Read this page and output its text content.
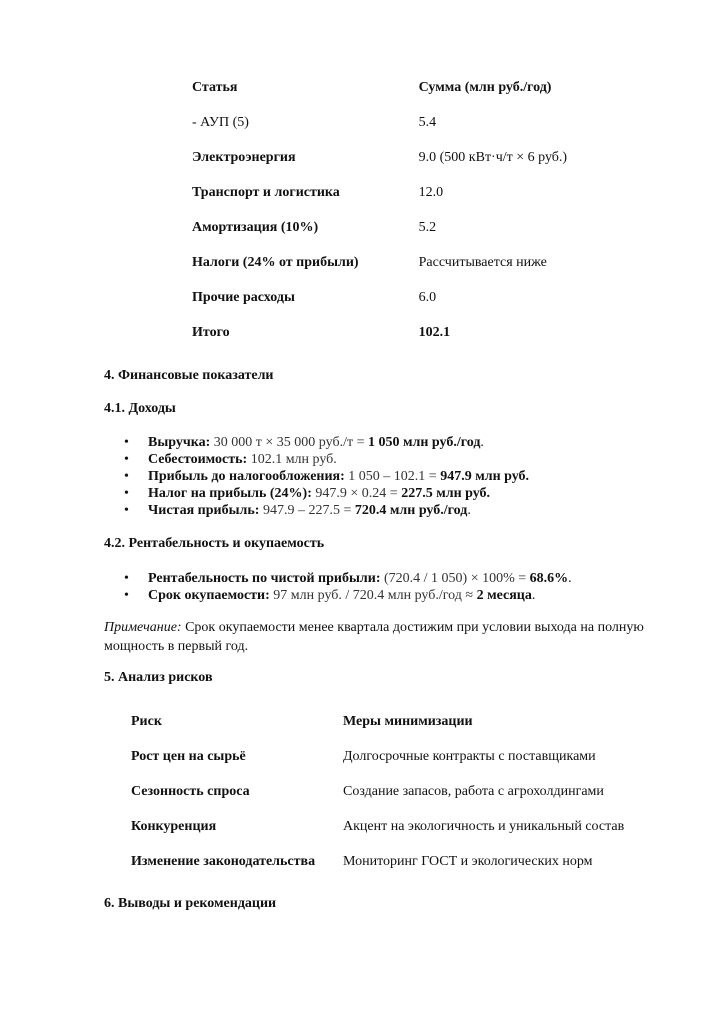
Статья	Сумма (млн руб./год)
- АУП (5)	5.4
Электроэнергия	9.0 (500 кВт·ч/т × 6 руб.)
Транспорт и логистика	12.0
Амортизация (10%)	5.2
Налоги (24% от прибыли)	Рассчитывается ниже
Прочие расходы	6.0
Итого	102.1
4. Финансовые показатели
4.1. Доходы
• Выручка: 30 000 т × 35 000 руб./т = 1 050 млн руб./год.
• Себестоимость: 102.1 млн руб.
• Прибыль до налогообложения: 1 050 – 102.1 = 947.9 млн руб.
• Налог на прибыль (24%): 947.9 × 0.24 = 227.5 млн руб.
• Чистая прибыль: 947.9 – 227.5 = 720.4 млн руб./год.
4.2. Рентабельность и окупаемость
• Рентабельность по чистой прибыли: (720.4 / 1 050) × 100% = 68.6%.
• Срок окупаемости: 97 млн руб. / 720.4 млн руб./год ≈ 2 месяца.
Примечание: Срок окупаемости менее квартала достижим при условии выхода на полную мощность в первый год.
5. Анализ рисков
Риск	Меры минимизации
Рост цен на сырьё	Долгосрочные контракты с поставщиками
Сезонность спроса	Создание запасов, работа с агрохолдингами
Конкуренция	Акцент на экологичность и уникальный состав
Изменение законодательства	Мониторинг ГОСТ и экологических норм
6. Выводы и рекомендации
